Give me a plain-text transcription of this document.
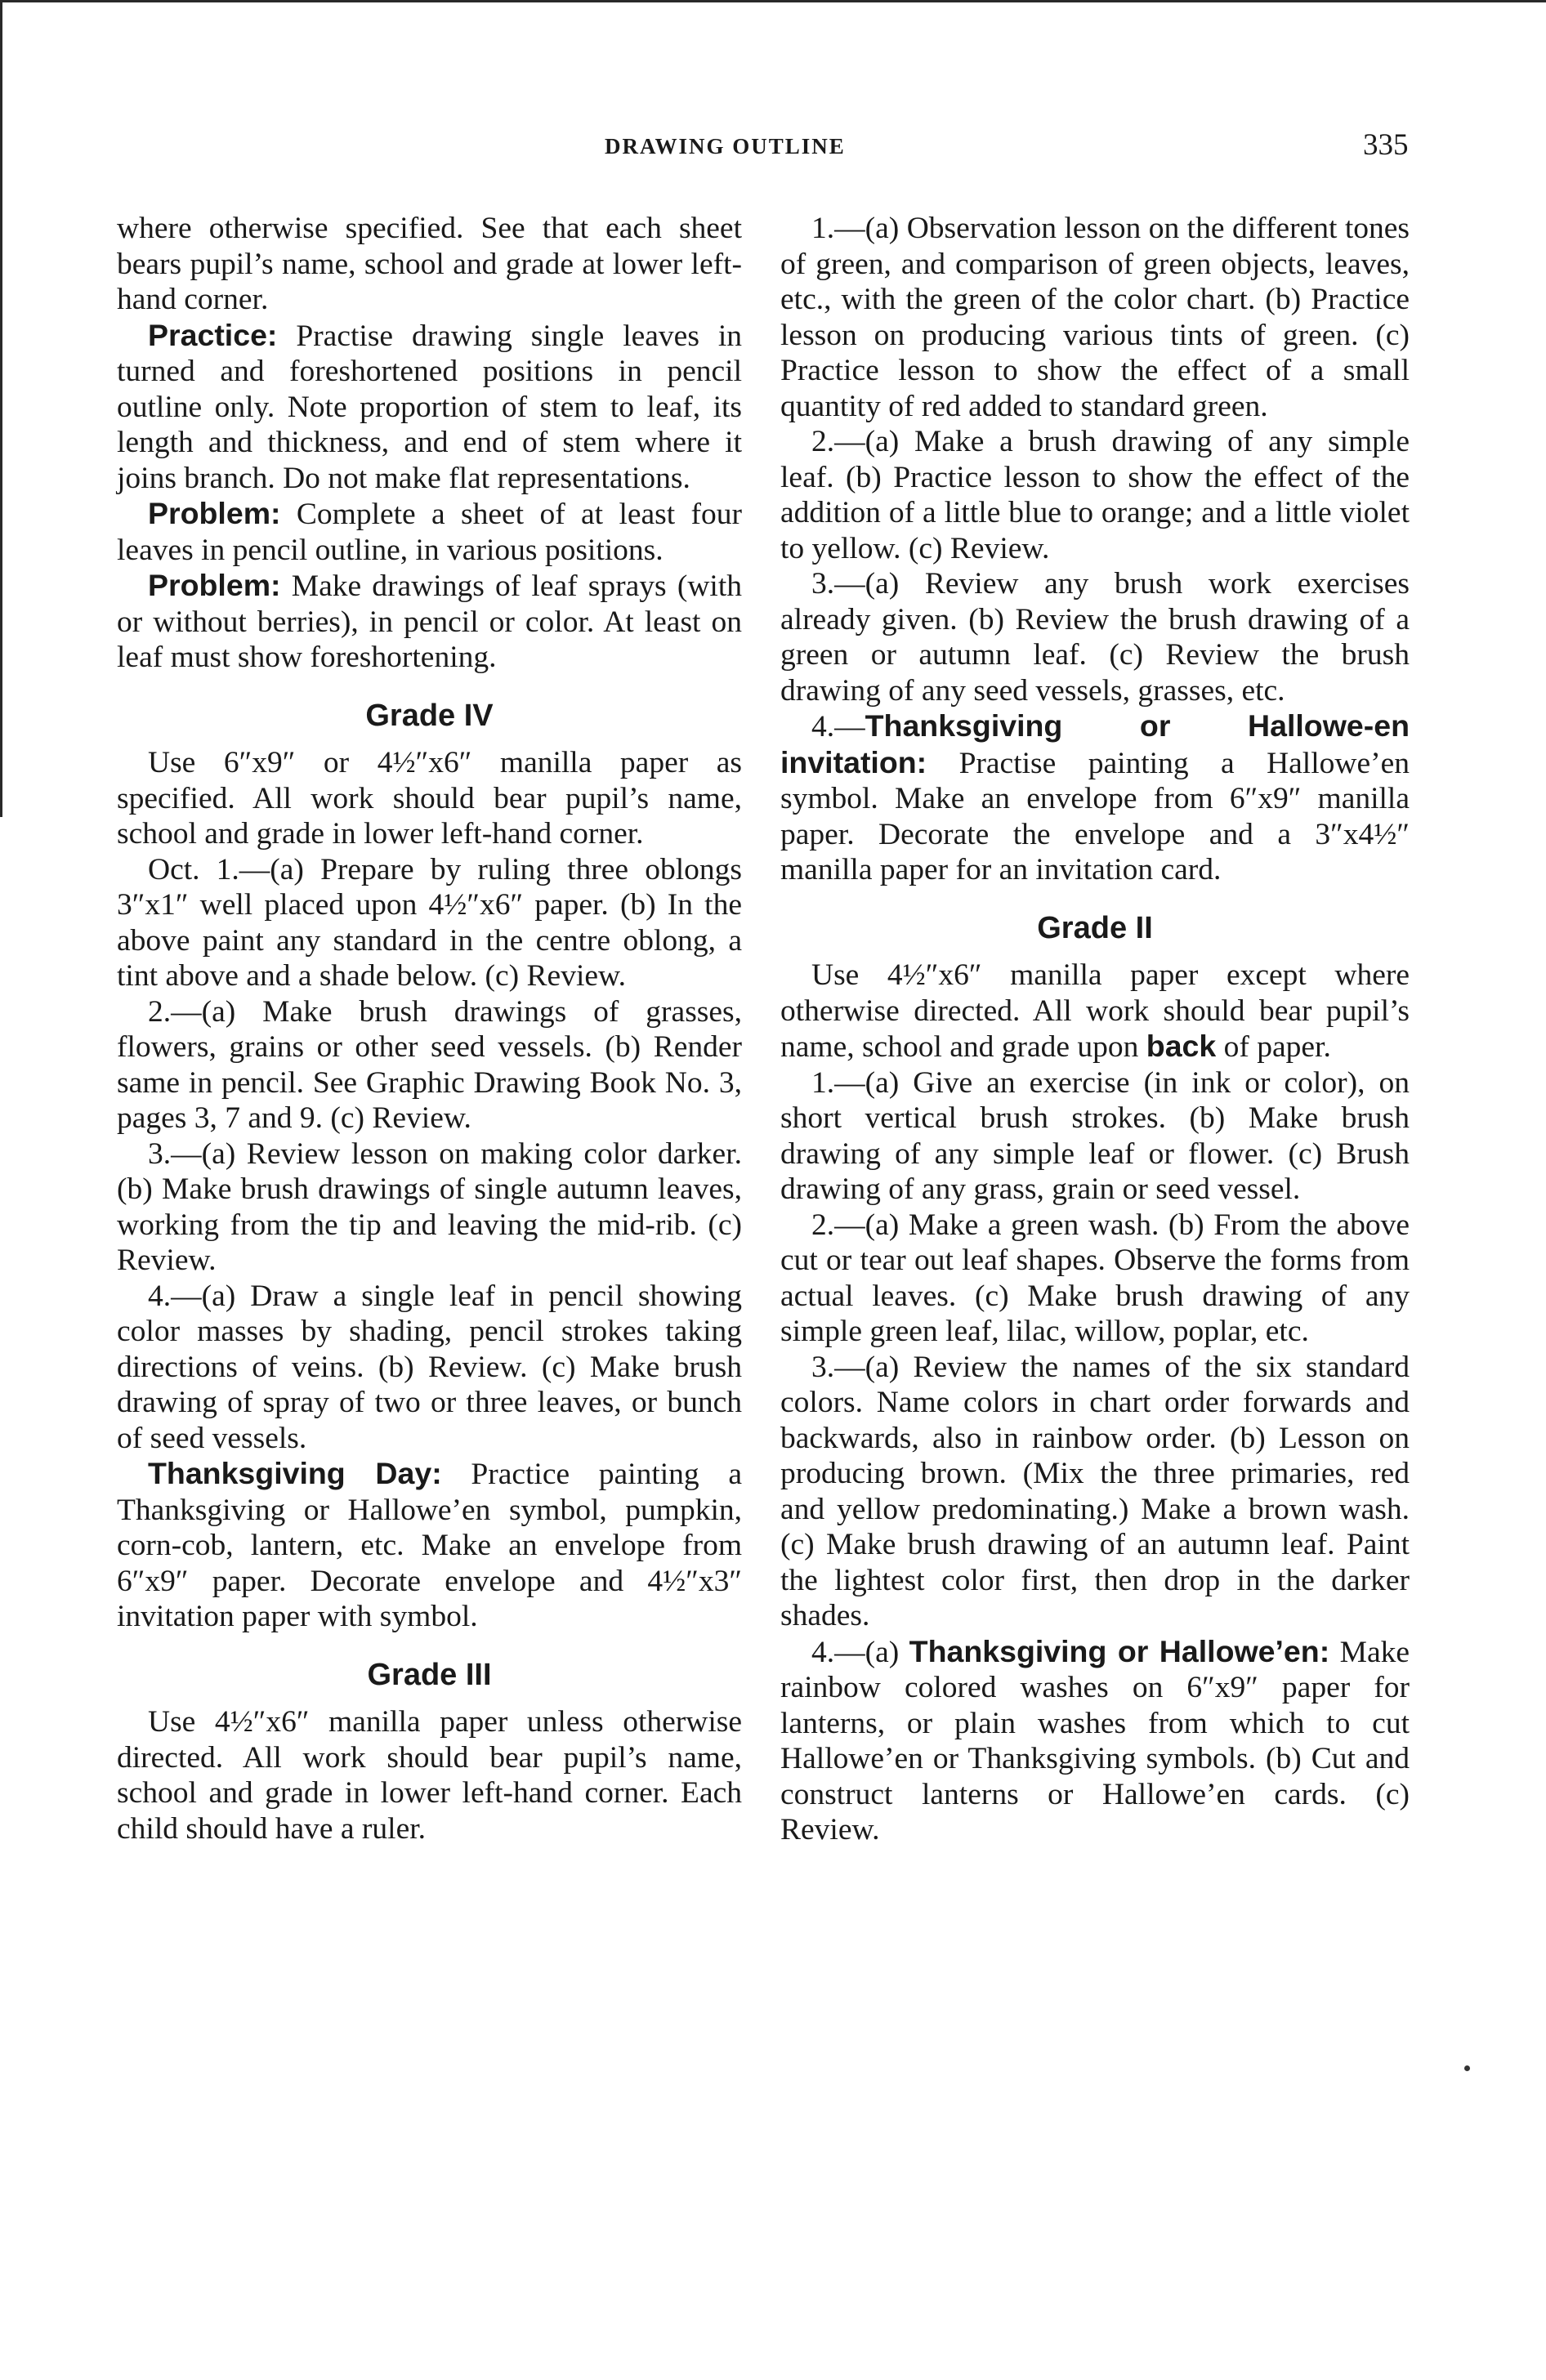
DRAWING OUTLINE	335

where otherwise specified. See that each sheet bears pupil’s name, school and grade at lower left-hand corner.

Practice: Practise drawing single leaves in turned and foreshortened positions in pencil outline only. Note proportion of stem to leaf, its length and thickness, and end of stem where it joins branch. Do not make flat representations.

Problem: Complete a sheet of at least four leaves in pencil outline, in various positions.

Problem: Make drawings of leaf sprays (with or without berries), in pencil or color. At least on leaf must show foreshortening.

Grade IV

Use 6″x9″ or 4½″x6″ manilla paper as specified. All work should bear pupil’s name, school and grade in lower left-hand corner.

Oct. 1.—(a) Prepare by ruling three oblongs 3″x1″ well placed upon 4½″x6″ paper. (b) In the above paint any standard in the centre oblong, a tint above and a shade below. (c) Review.

2.—(a) Make brush drawings of grasses, flowers, grains or other seed vessels. (b) Render same in pencil. See Graphic Drawing Book No. 3, pages 3, 7 and 9. (c) Review.

3.—(a) Review lesson on making color darker. (b) Make brush drawings of single autumn leaves, working from the tip and leaving the mid-rib. (c) Review.

4.—(a) Draw a single leaf in pencil showing color masses by shading, pencil strokes taking directions of veins. (b) Review. (c) Make brush drawing of spray of two or three leaves, or bunch of seed vessels.

Thanksgiving Day: Practice painting a Thanksgiving or Hallowe’en symbol, pumpkin, corn-cob, lantern, etc. Make an envelope from 6″x9″ paper. Decorate envelope and 4½″x3″ invitation paper with symbol.

Grade III

Use 4½″x6″ manilla paper unless otherwise directed. All work should bear pupil’s name, school and grade in lower left-hand corner. Each child should have a ruler.

1.—(a) Observation lesson on the different tones of green, and comparison of green objects, leaves, etc., with the green of the color chart. (b) Practice lesson on producing various tints of green. (c) Practice lesson to show the effect of a small quantity of red added to standard green.

2.—(a) Make a brush drawing of any simple leaf. (b) Practice lesson to show the effect of the addition of a little blue to orange; and a little violet to yellow. (c) Review.

3.—(a) Review any brush work exercises already given. (b) Review the brush drawing of a green or autumn leaf. (c) Review the brush drawing of any seed vessels, grasses, etc.

4.—Thanksgiving or Hallowe-en invitation: Practise painting a Hallowe’en symbol. Make an envelope from 6″x9″ manilla paper. Decorate the envelope and a 3″x4½″ manilla paper for an invitation card.

Grade II

Use 4½″x6″ manilla paper except where otherwise directed. All work should bear pupil’s name, school and grade upon back of paper.

1.—(a) Give an exercise (in ink or color), on short vertical brush strokes. (b) Make brush drawing of any simple leaf or flower. (c) Brush drawing of any grass, grain or seed vessel.

2.—(a) Make a green wash. (b) From the above cut or tear out leaf shapes. Observe the forms from actual leaves. (c) Make brush drawing of any simple green leaf, lilac, willow, poplar, etc.

3.—(a) Review the names of the six standard colors. Name colors in chart order forwards and backwards, also in rainbow order. (b) Lesson on producing brown. (Mix the three primaries, red and yellow predominating.) Make a brown wash. (c) Make brush drawing of an autumn leaf. Paint the lightest color first, then drop in the darker shades.

4.—(a) Thanksgiving or Hallowe’en: Make rainbow colored washes on 6″x9″ paper for lanterns, or plain washes from which to cut Hallowe’en or Thanksgiving symbols. (b) Cut and construct lanterns or Hallowe’en cards. (c) Review.
